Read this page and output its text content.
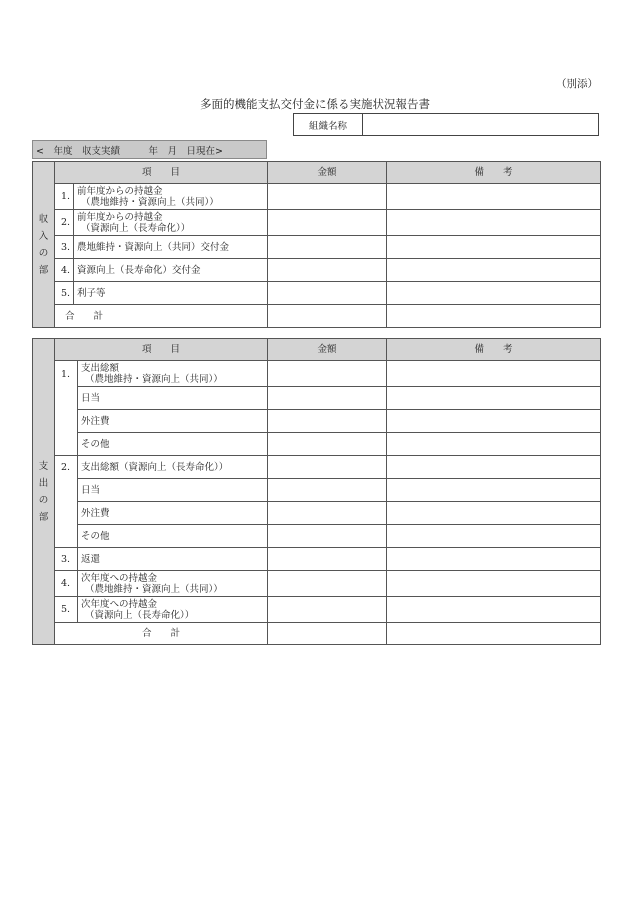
（別添）
多面的機能支払交付金に係る実施状況報告書
組織名称
<　年度　収支実績　　　年　月　日現在>
収入の部	項　　目		金額	備　　考
	1.	前年度からの持越金
（農地維持・資源向上（共同））		

	2.	前年度からの持越金
（資源向上（長寿命化））		

	3.	農地維持・資源向上（共同）交付金		
	4.	資源向上（長寿命化）交付金		
	5.	利子等		
	合　　計			
支出の部	項　　目		金額	備　　考
	1.	支出総額
（農地維持・資源向上（共同））		

		日当		
		外注費		
		その他		
	2.	支出総額（資源向上（長寿命化））		
		日当		
		外注費		
		その他		
	3.	返還		
	4.	次年度への持越金
（農地維持・資源向上（共同））		

	5.	次年度への持越金
（資源向上（長寿命化））		

	合　　計			
